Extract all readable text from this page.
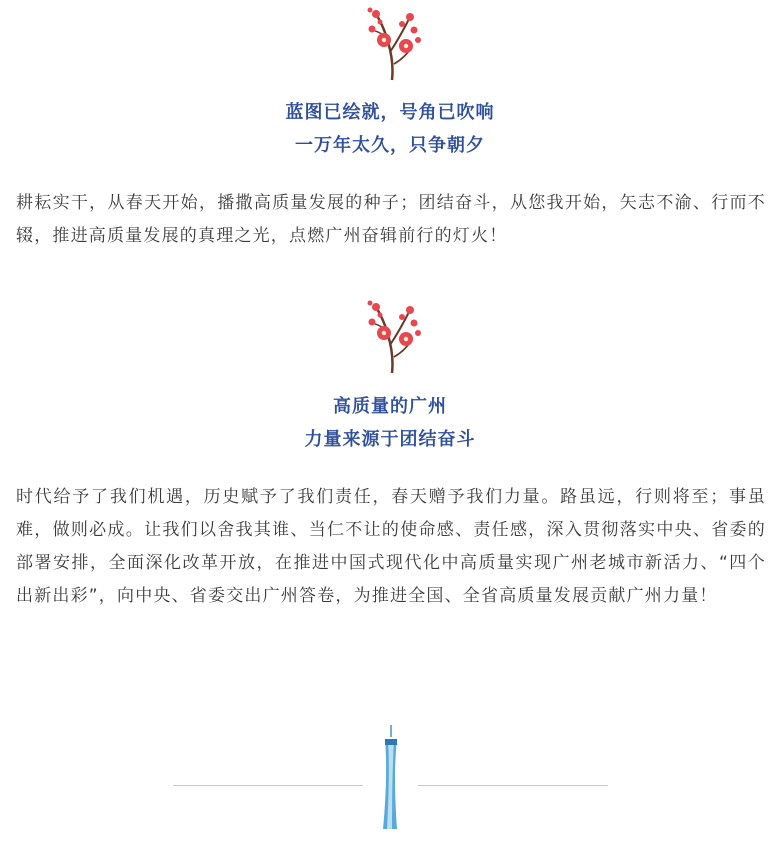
蓝图已绘就，号角已吹响
一万年太久，只争朝夕
耕耘实干，从春天开始，播撒高质量发展的种子；团结奋斗，从您我开始，矢志不渝、行而不辍，推进高质量发展的真理之光，点燃广州奋辑前行的灯火！
高质量的广州
力量来源于团结奋斗
时代给予了我们机遇，历史赋予了我们责任，春天赠予我们力量。路虽远，行则将至；事虽难，做则必成。让我们以舍我其谁、当仁不让的使命感、责任感，深入贯彻落实中央、省委的部署安排，全面深化改革开放，在推进中国式现代化中高质量实现广州老城市新活力、“四个出新出彩”，向中央、省委交出广州答卷，为推进全国、全省高质量发展贡献广州力量！
